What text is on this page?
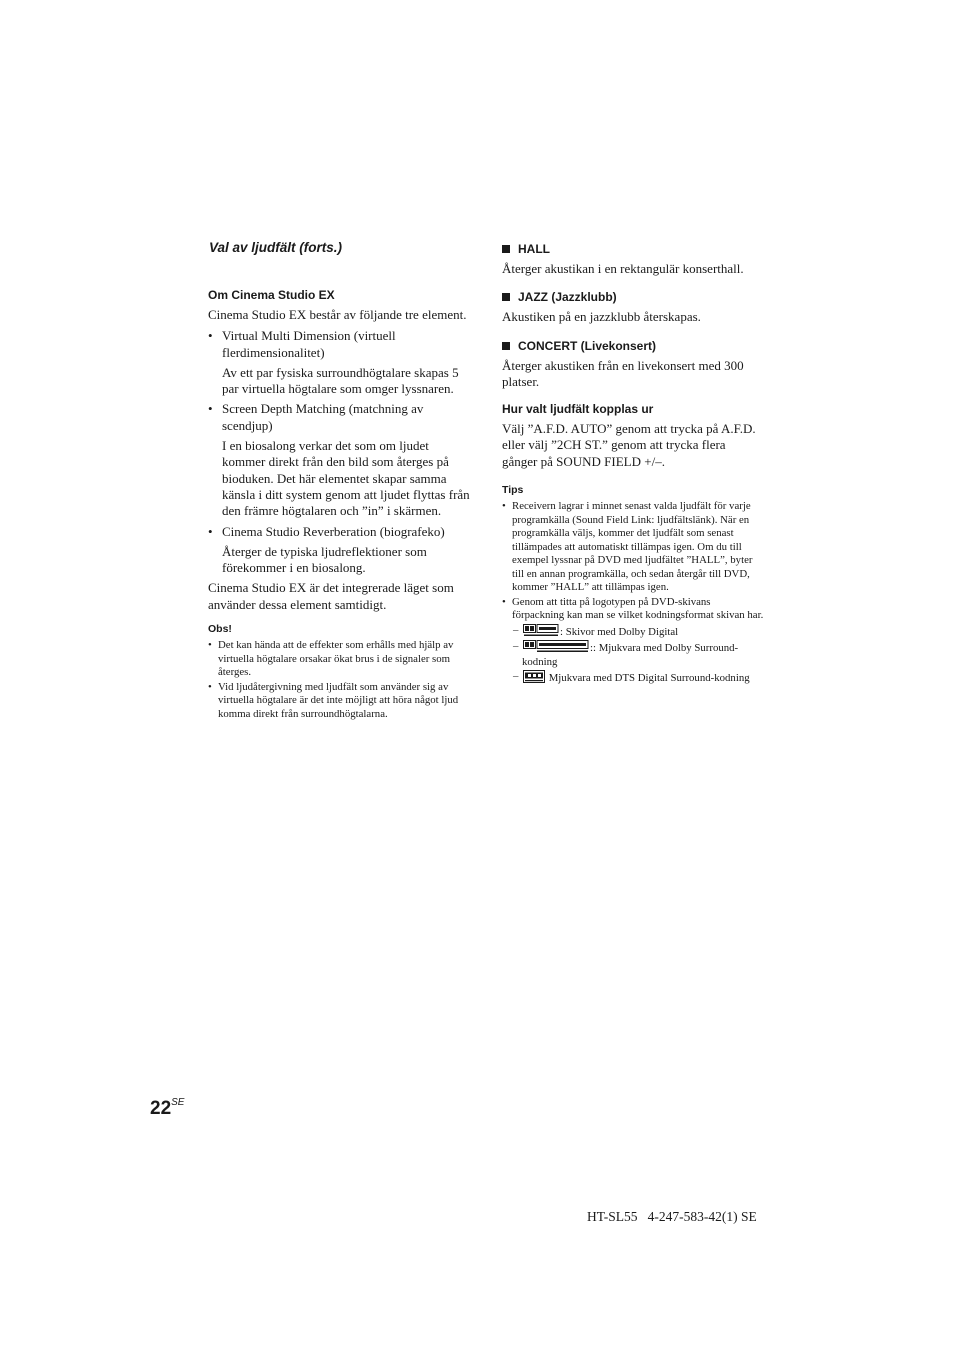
Val av ljudfält (forts.)
Om Cinema Studio EX

Cinema Studio EX består av följande tre element.

• Virtual Multi Dimension (virtuell flerdimensionalitet)

Av ett par fysiska surroundhögtalare skapas 5 par virtuella högtalare som omger lyssnaren.

• Screen Depth Matching (matchning av scendjup)

I en biosalong verkar det som om ljudet kommer direkt från den bild som återges på bioduken. Det här elementet skapar samma känsla i ditt system genom att ljudet flyttas från den främre högtalaren och ”in” i skärmen.

• Cinema Studio Reverberation (biografeko)

Återger de typiska ljudreflektioner som förekommer i en biosalong.

Cinema Studio EX är det integrerade läget som använder dessa element samtidigt.

Obs!

• Det kan hända att de effekter som erhålls med hjälp av virtuella högtalare orsakar ökat brus i de signaler som återges.

• Vid ljudåtergivning med ljudfält som använder sig av virtuella högtalare är det inte möjligt att höra något ljud komma direkt från surroundhögtalarna.

HALL

Återger akustikan i en rektangulär konserthall.

JAZZ (Jazzklubb)

Akustiken på en jazzklubb återskapas.

CONCERT (Livekonsert)

Återger akustiken från en livekonsert med 300 platser.

Hur valt ljudfält kopplas ur

Välj ”A.F.D. AUTO” genom att trycka på A.F.D. eller välj ”2CH ST.” genom att trycka flera gånger på SOUND FIELD +/–.

Tips

• Receivern lagrar i minnet senast valda ljudfält för varje programkälla (Sound Field Link: ljudfältslänk). När en programkälla väljs, kommer det ljudfält som senast tillämpades att automatiskt tillämpas igen. Om du till exempel lyssnar på DVD med ljudfältet ”HALL”, byter till en annan programkälla, och sedan återgår till DVD, kommer ”HALL” att tillämpas igen.

• Genom att titta på logotypen på DVD-skivans förpackning kan man se vilket kodningsformat skivan har.

–	: Skivor med Dolby Digital
–	:: Mjukvara med Dolby Surround-kodning
–	Mjukvara med DTS Digital Surround-kodning
$22^{SE}$
HT-SL55   4-247-583-42(1) SE
